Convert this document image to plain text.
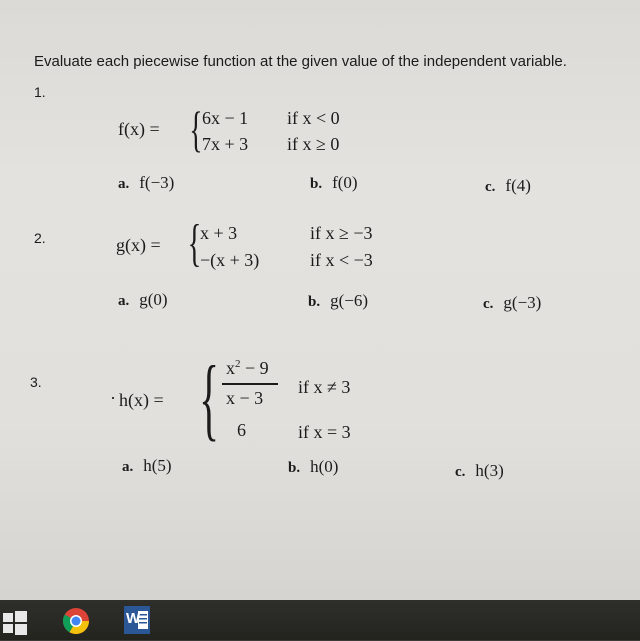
Evaluate each piecewise function at the given value of the independent variable.
1.
f(x) = { 6x − 1 if x < 0
7x + 3 if x ≥ 0
a. f(−3)	b. f(0)	c. f(4)
2.	g(x) = {
x + 3	if x ≥ −3
−(x + 3)	if x < −3
a. g(0)	b. g(−6)	c. g(−3)
3.
· h(x) = { $x^2 - 9$
x − 3
if x ≠ 3
6	if x = 3
a. h(5)	b. h(0)	c. h(3)
W
